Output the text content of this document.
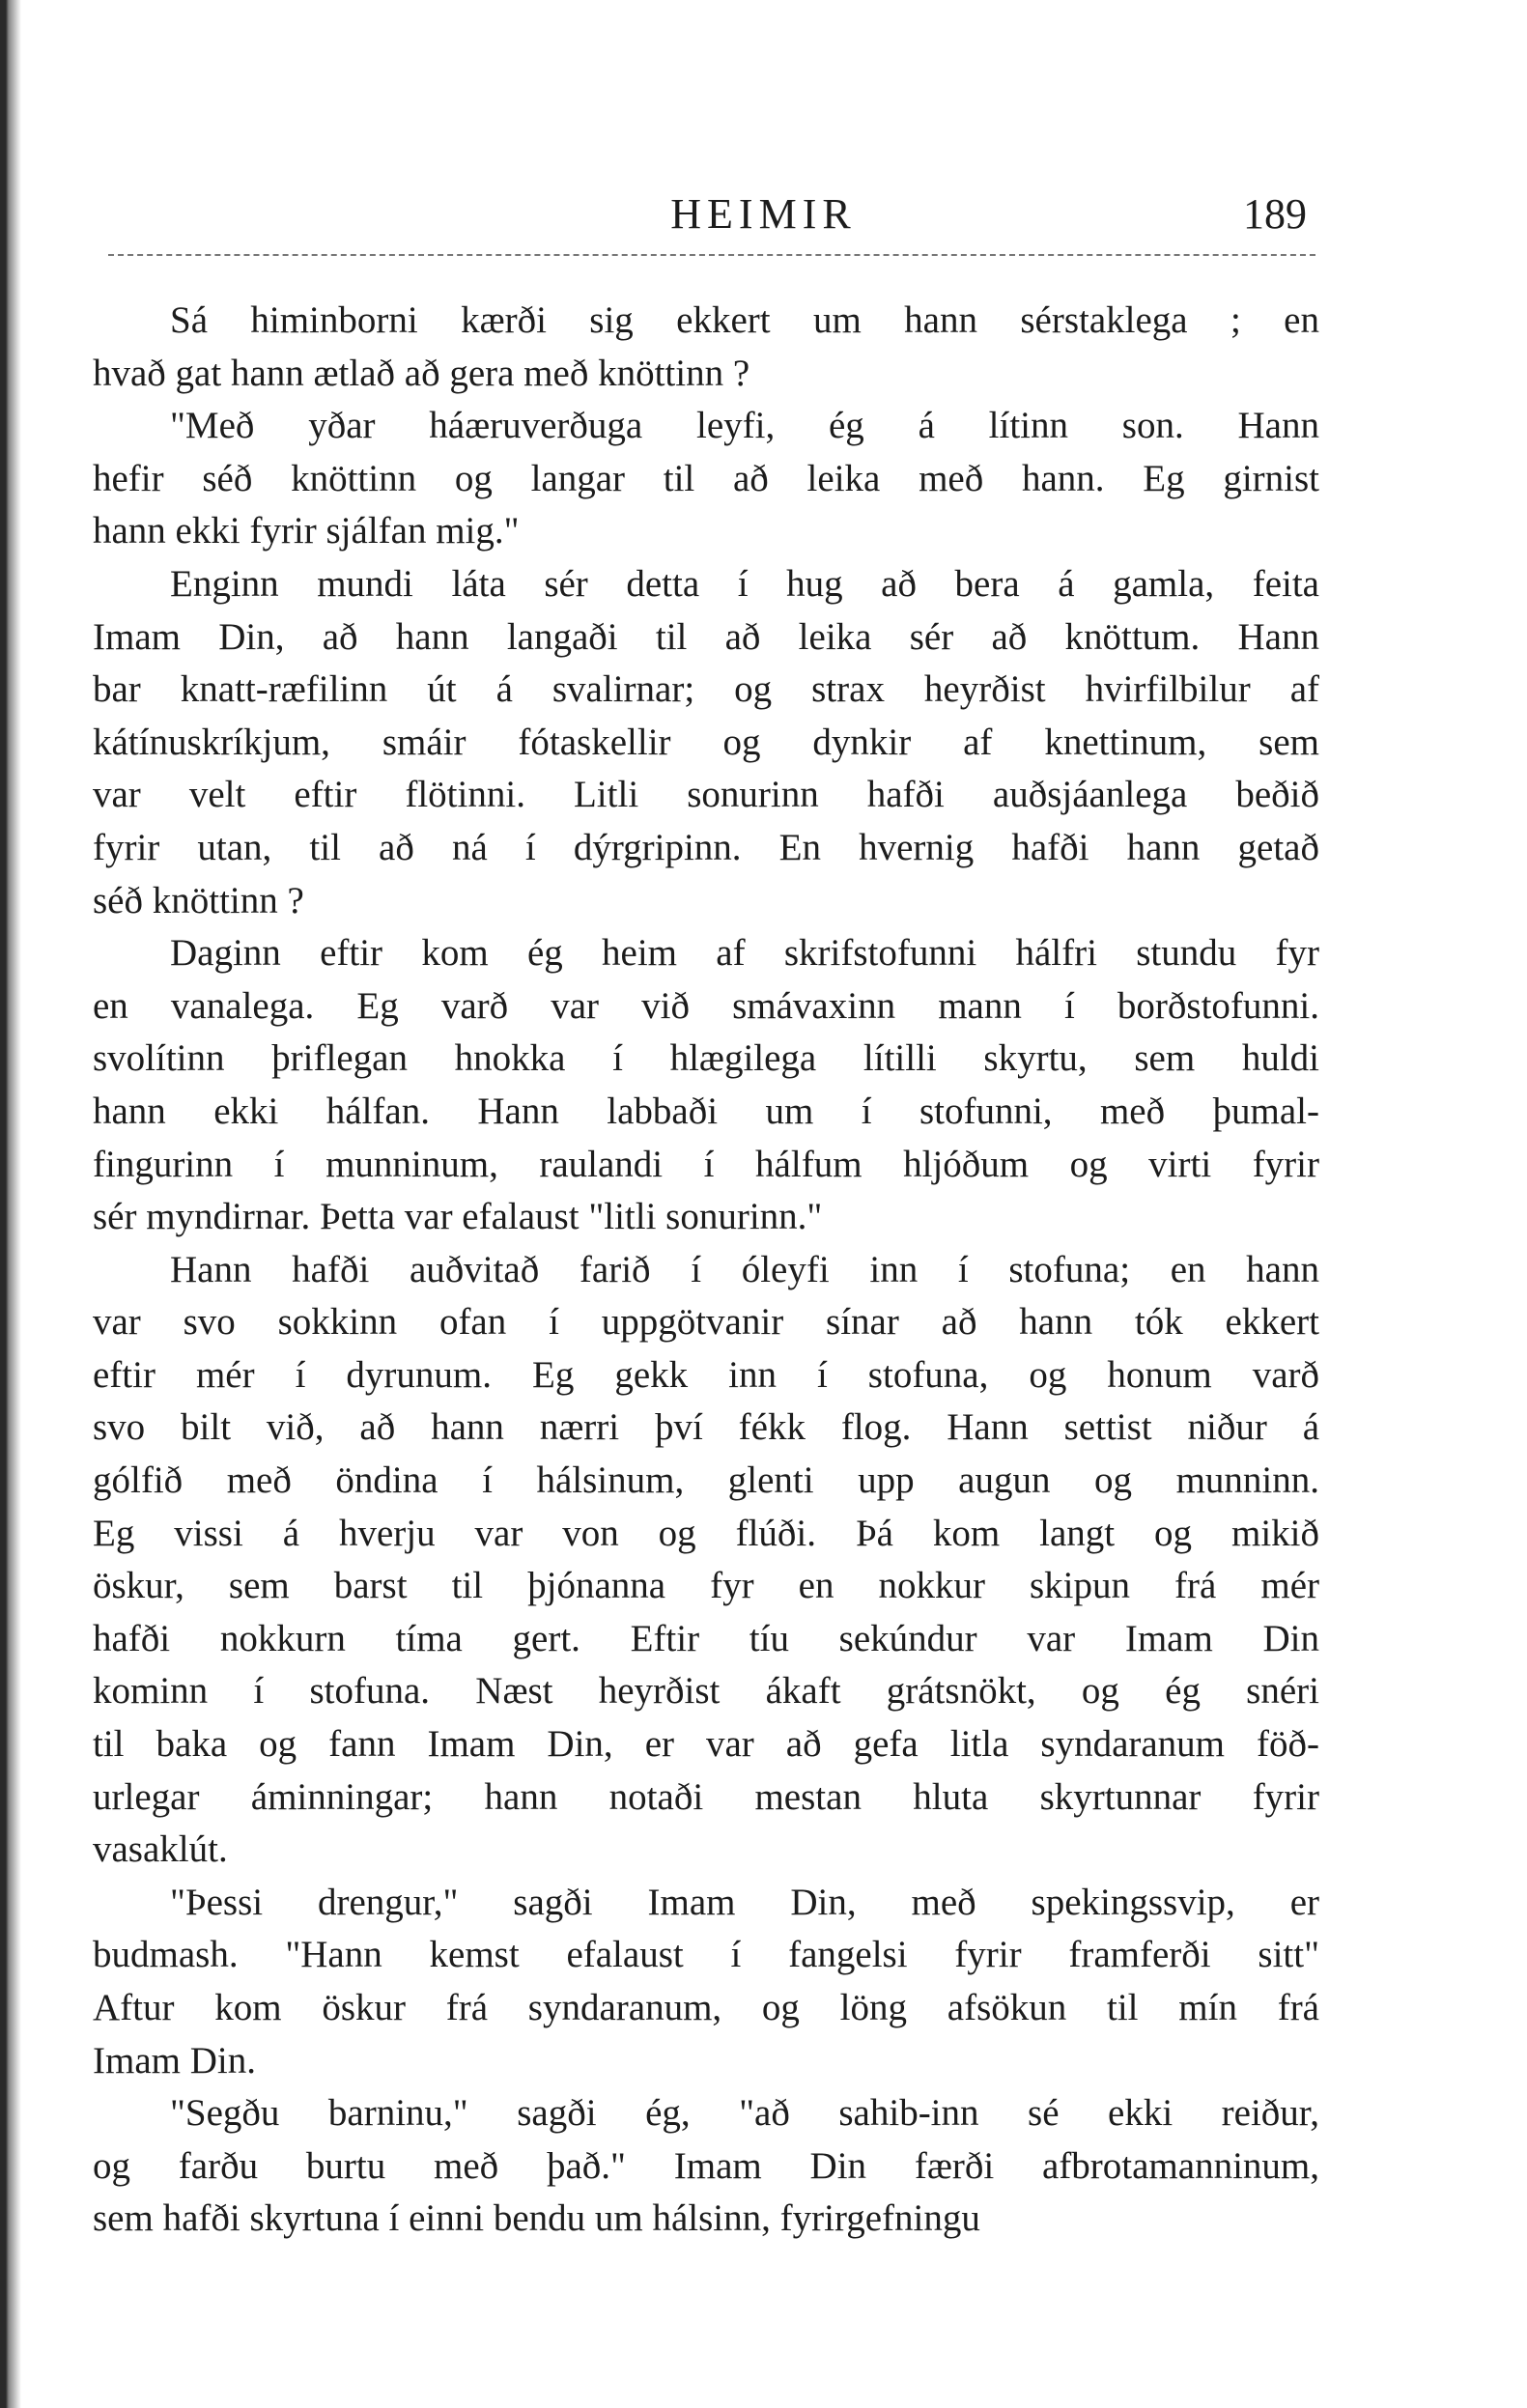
HEIMIR	189

Sá himinborni kærði sig ekkert um hann sérstaklega ; en
hvað gat hann ætlað að gera með knöttinn ?

"Með yðar háæruverðuga leyfi, ég á lítinn son. Hann
hefir séð knöttinn og langar til að leika með hann. Eg girnist
hann ekki fyrir sjálfan mig."

Enginn mundi láta sér detta í hug að bera á gamla, feita
Imam Din, að hann langaði til að leika sér að knöttum. Hann
bar knatt-ræfilinn út á svalirnar; og strax heyrðist hvirfilbilur af
kátínuskríkjum, smáir fótaskellir og dynkir af knettinum, sem
var velt eftir flötinni. Litli sonurinn hafði auðsjáanlega beðið
fyrir utan, til að ná í dýrgripinn. En hvernig hafði hann getað
séð knöttinn ?

Daginn eftir kom ég heim af skrifstofunni hálfri stundu fyr
en vanalega. Eg varð var við smávaxinn mann í borðstofunni.
svolítinn þriflegan hnokka í hlægilega lítilli skyrtu, sem huldi
hann ekki hálfan. Hann labbaði um í stofunni, með þumal-
fingurinn í munninum, raulandi í hálfum hljóðum og virti fyrir
sér myndirnar. Þetta var efalaust "litli sonurinn."

Hann hafði auðvitað farið í óleyfi inn í stofuna; en hann
var svo sokkinn ofan í uppgötvanir sínar að hann tók ekkert
eftir mér í dyrunum. Eg gekk inn í stofuna, og honum varð
svo bilt við, að hann nærri því fékk flog. Hann settist niður á
gólfið með öndina í hálsinum, glenti upp augun og munninn.
Eg vissi á hverju var von og flúði. Þá kom langt og mikið
öskur, sem barst til þjónanna fyr en nokkur skipun frá mér
hafði nokkurn tíma gert. Eftir tíu sekúndur var Imam Din
kominn í stofuna. Næst heyrðist ákaft grátsnökt, og ég snéri
til baka og fann Imam Din, er var að gefa litla syndaranum föð-
urlegar áminningar; hann notaði mestan hluta skyrtunnar fyrir
vasaklút.

"Þessi drengur," sagði Imam Din, með spekingssvip, er
budmash. "Hann kemst efalaust í fangelsi fyrir framferði sitt"
Aftur kom öskur frá syndaranum, og löng afsökun til mín frá
Imam Din.

"Segðu barninu," sagði ég, "að sahib-inn sé ekki reiður,
og farðu burtu með það." Imam Din færði afbrotamanninum,
sem hafði skyrtuna í einni bendu um hálsinn, fyrirgefningu
